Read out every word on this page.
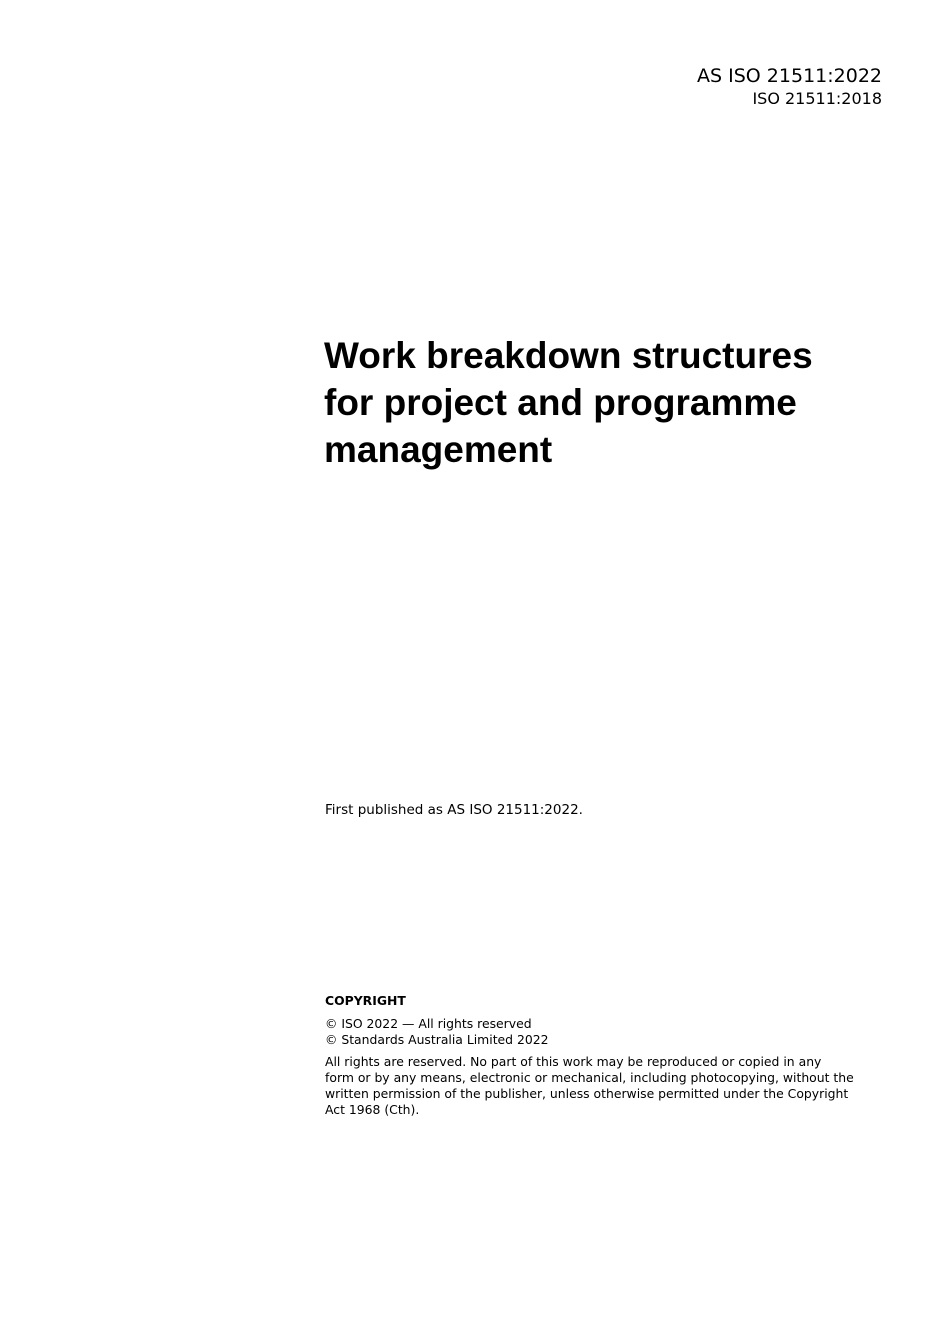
AS ISO 21511:2022
ISO 21511:2018
Work breakdown structures
for project and programme
management
First published as AS ISO 21511:2022.
COPYRIGHT
© ISO 2022 — All rights reserved
© Standards Australia Limited 2022
All rights are reserved. No part of this work may be reproduced or copied in any
form or by any means, electronic or mechanical, including photocopying, without the
written permission of the publisher, unless otherwise permitted under the Copyright
Act 1968 (Cth).
